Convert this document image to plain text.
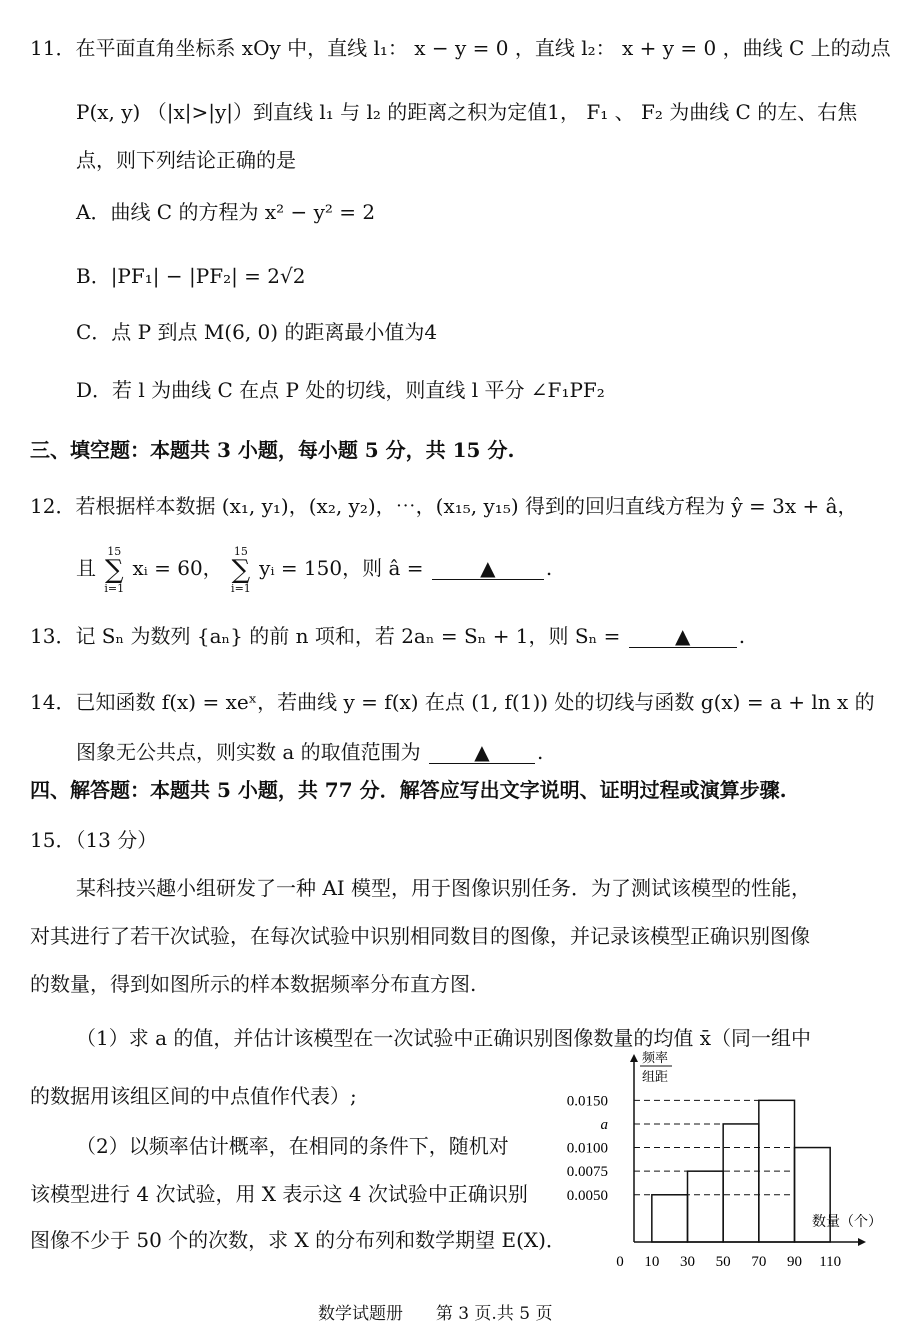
11．在平面直角坐标系 xOy 中，直线 l₁： x − y = 0 ，直线 l₂： x + y = 0 ，曲线 C 上的动点
P(x, y) （|x|>|y|）到直线 l₁ 与 l₂ 的距离之积为定值1， F₁ 、 F₂ 为曲线 C 的左、右焦
点，则下列结论正确的是
A．曲线 C 的方程为 x² − y² = 2
B．|PF₁| − |PF₂| = 2√2
C．点 P 到点 M(6, 0) 的距离最小值为4
D．若 l 为曲线 C 在点 P 处的切线，则直线 l 平分 ∠F₁PF₂
三、填空题：本题共 3 小题，每小题 5 分，共 15 分.
12．若根据样本数据 (x₁, y₁)，(x₂, y₂)，⋯，(x₁₅, y₁₅) 得到的回归直线方程为 ŷ = 3x + â，
且
15
∑
i=1
xᵢ = 60，
15
∑
i=1
yᵢ = 150，则 â =	▲	.
13．记 Sₙ 为数列 {aₙ} 的前 n 项和，若 2aₙ = Sₙ + 1，则 Sₙ =	▲ .
14．已知函数 f(x) = xeˣ，若曲线 y = f(x) 在点 (1, f(1)) 处的切线与函数 g(x) = a + ln x 的
图象无公共点，则实数 a 的取值范围为	▲ .
四、解答题：本题共 5 小题，共 77 分．解答应写出文字说明、证明过程或演算步骤.
15．（13 分）
某科技兴趣小组研发了一种 AI 模型，用于图像识别任务．为了测试该模型的性能，
对其进行了若干次试验，在每次试验中识别相同数目的图像，并记录该模型正确识别图像
的数量，得到如图所示的样本数据频率分布直方图.
（1）求 a 的值，并估计该模型在一次试验中正确识别图像数量的均值 x̄（同一组中
的数据用该组区间的中点值作代表）;
（2）以频率估计概率，在相同的条件下，随机对
该模型进行 4 次试验，用 X 表示这 4 次试验中正确识别
图像不少于 50 个的次数，求 X 的分布列和数学期望 E(X)．
频率
组距
0.0150
a
0.0100
0.0075
0.0050
0 10 30 50 70 90 110
数量（个）
数学试题册 第 3 页.共 5 页
